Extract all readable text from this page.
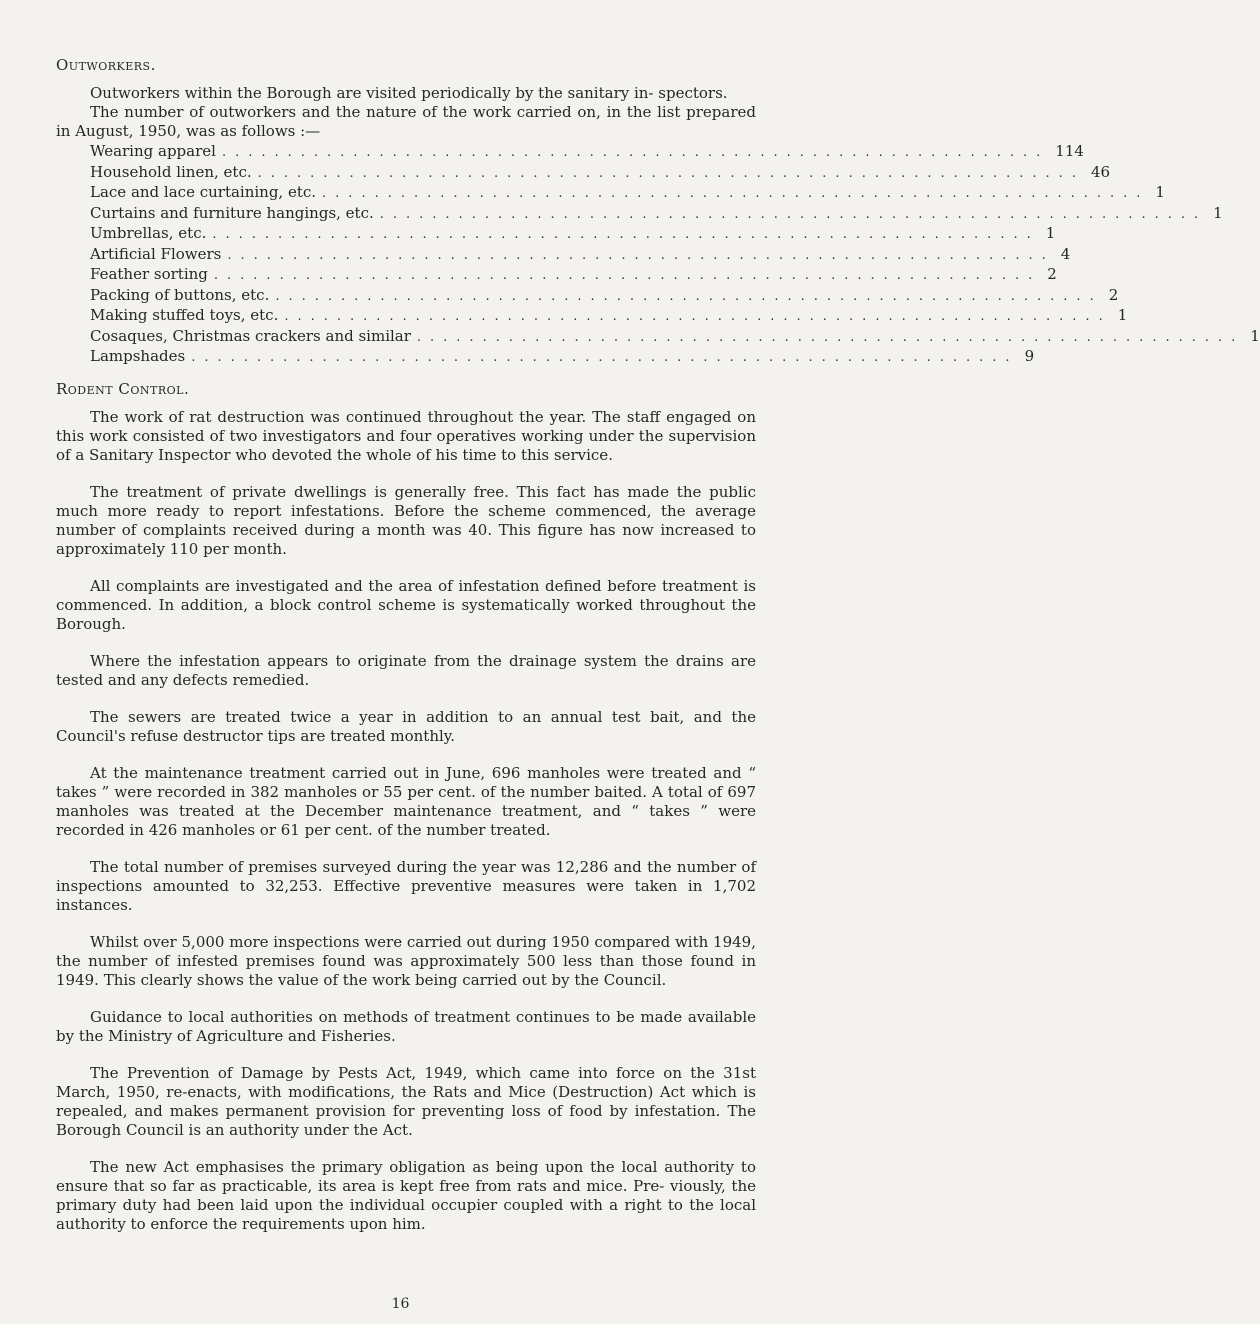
Outworkers.

Outworkers within the Borough are visited periodically by the sanitary in- spectors.

The number of outworkers and the nature of the work carried on, in the list prepared in August, 1950, was as follows :—

Wearing apparel ............................................................... 114
Household linen, etc. ............................................................... 46
Lace and lace curtaining, etc. ............................................................... 1
Curtains and furniture hangings, etc. ............................................................... 1
Umbrellas, etc. ............................................................... 1
Artificial Flowers ............................................................... 4
Feather sorting ............................................................... 2
Packing of buttons, etc. ............................................................... 2
Making stuffed toys, etc. ............................................................... 1
Cosaques, Christmas crackers and similar ............................................................... 1
Lampshades ............................................................... 9
Rodent Control.

The work of rat destruction was continued throughout the year. The staff engaged on this work consisted of two investigators and four operatives working under the supervision of a Sanitary Inspector who devoted the whole of his time to this service.

The treatment of private dwellings is generally free. This fact has made the public much more ready to report infestations. Before the scheme commenced, the average number of complaints received during a month was 40. This figure has now increased to approximately 110 per month.

All complaints are investigated and the area of infestation defined before treatment is commenced. In addition, a block control scheme is systematically worked throughout the Borough.

Where the infestation appears to originate from the drainage system the drains are tested and any defects remedied.

The sewers are treated twice a year in addition to an annual test bait, and the Council's refuse destructor tips are treated monthly.

At the maintenance treatment carried out in June, 696 manholes were treated and “ takes ” were recorded in 382 manholes or 55 per cent. of the number baited. A total of 697 manholes was treated at the December maintenance treatment, and “ takes ” were recorded in 426 manholes or 61 per cent. of the number treated.

The total number of premises surveyed during the year was 12,286 and the number of inspections amounted to 32,253. Effective preventive measures were taken in 1,702 instances.

Whilst over 5,000 more inspections were carried out during 1950 compared with 1949, the number of infested premises found was approximately 500 less than those found in 1949. This clearly shows the value of the work being carried out by the Council.

Guidance to local authorities on methods of treatment continues to be made available by the Ministry of Agriculture and Fisheries.

The Prevention of Damage by Pests Act, 1949, which came into force on the 31st March, 1950, re-enacts, with modifications, the Rats and Mice (Destruction) Act which is repealed, and makes permanent provision for preventing loss of food by infestation. The Borough Council is an authority under the Act.

The new Act emphasises the primary obligation as being upon the local authority to ensure that so far as practicable, its area is kept free from rats and mice. Pre- viously, the primary duty had been laid upon the individual occupier coupled with a right to the local authority to enforce the requirements upon him.

16
